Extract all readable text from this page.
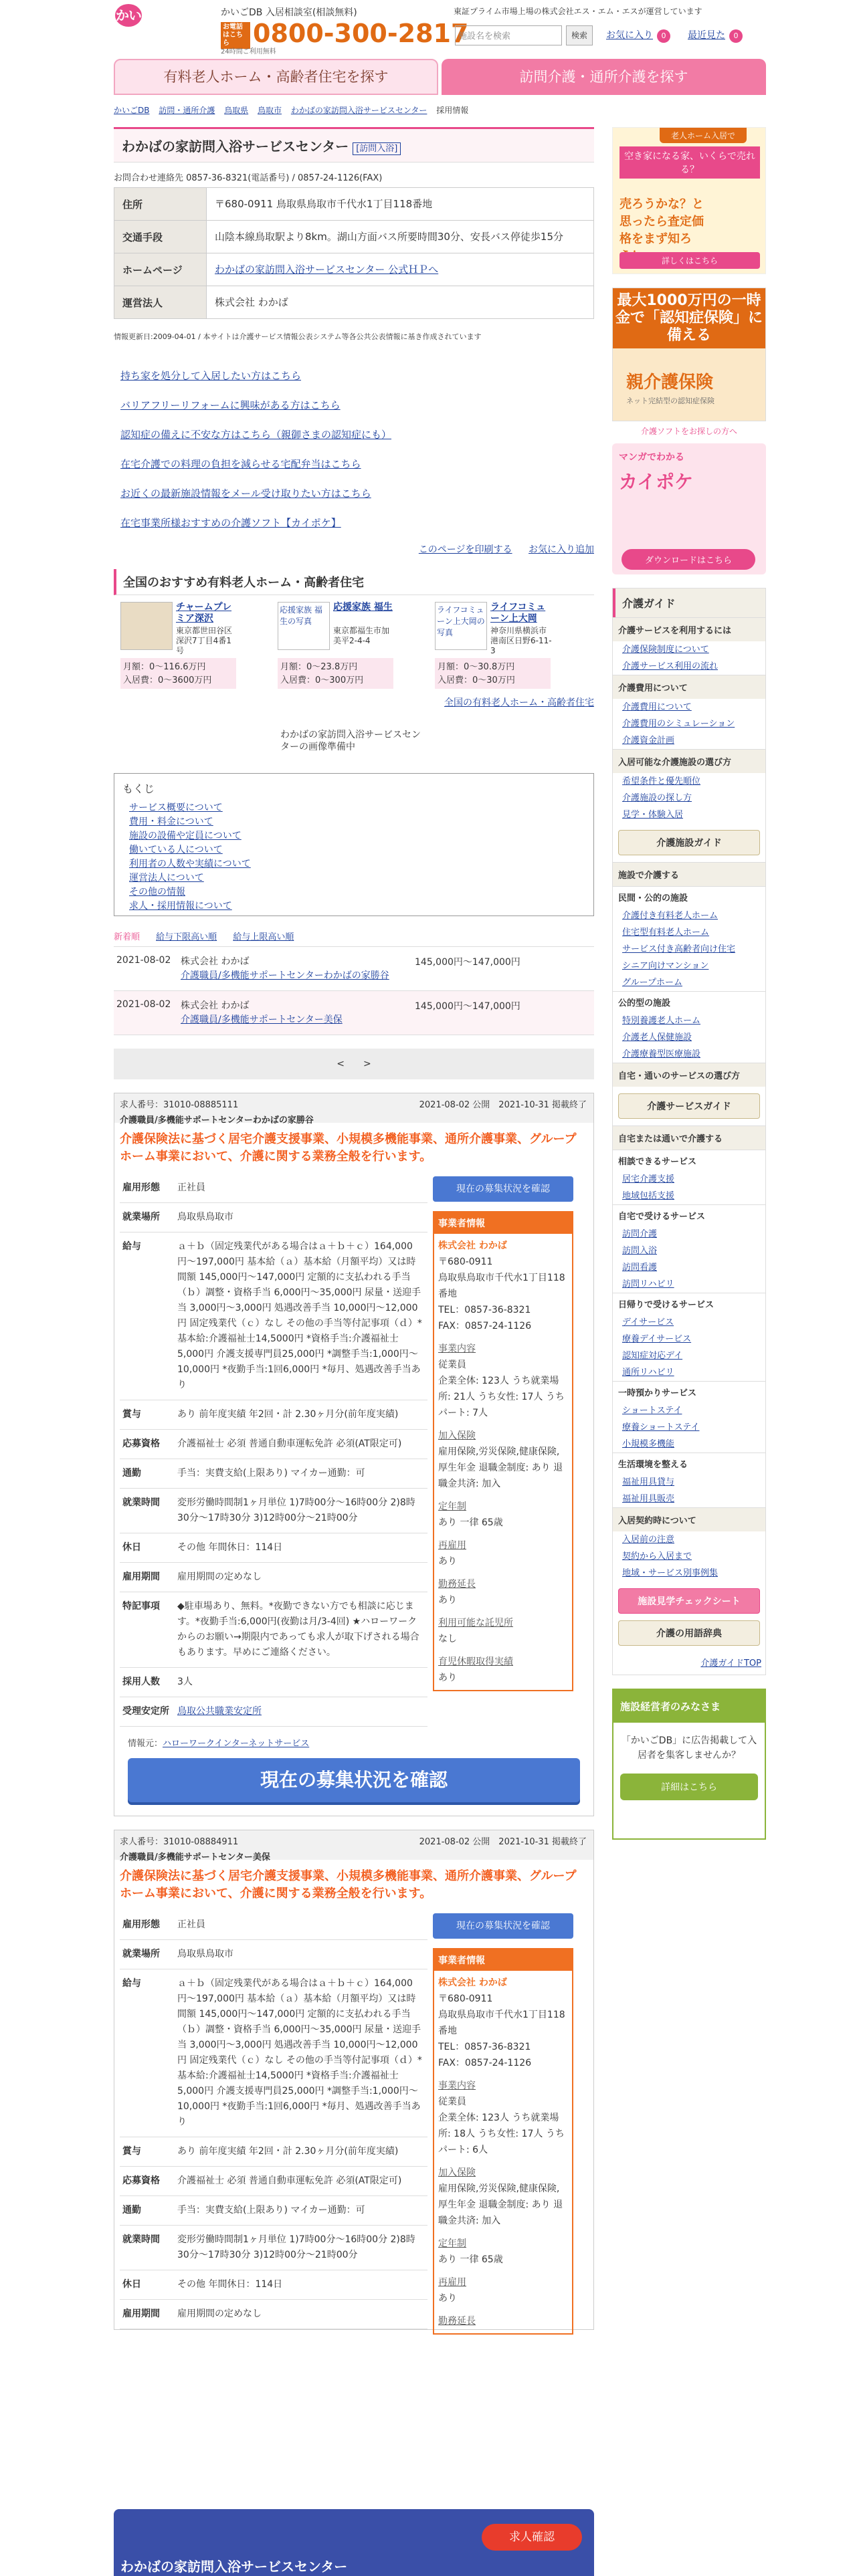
かいご
かいごDB 入居相談室(相談無料)
お電話はこちら 0800-300-2817
24時間ご利用無料
東証プライム市場上場の株式会社エス・エム・エスが運営しています
施設名を検索	検索	お気に入り 0	最近見た 0
有料老人ホーム・高齢者住宅を探す	訪問介護・通所介護を探す
かいごDB 訪問・通所介護 鳥取県 鳥取市 わかばの家訪問入浴サービスセンター 採用情報
わかばの家訪問入浴サービスセンター [訪問入浴]
お問合わせ連絡先 0857-36-8321(電話番号) / 0857-24-1126(FAX)
住所	〒680-0911 鳥取県鳥取市千代水1丁目118番地
交通手段	山陰本線鳥取駅より8km。湖山方面バス所要時間30分、安長バス停徒歩15分
ホームページ	わかばの家訪問入浴サービスセンター 公式ＨＰへ
運営法人	株式会社 わかば
情報更新日:2009-04-01 / 本サイトは介護サービス情報公表システム等各公共公表情報に基き作成されています
持ち家を処分して入居したい方はこちら
バリアフリーリフォームに興味がある方はこちら
認知症の備えに不安な方はこちら（親御さまの認知症にも）
在宅介護での料理の負担を減らせる宅配弁当はこちら
お近くの最新施設情報をメール受け取りたい方はこちら
在宅事業所様おすすめの介護ソフト【カイポケ】
このページを印刷する お気に入り追加
全国のおすすめ有料老人ホーム・高齢者住宅
チャームプレミア深沢
東京都世田谷区深沢7丁目4番1号
月額：0〜116.6万円
入居費：0〜3600万円
応援家族 福生の写真
応援家族 福生
東京都福生市加美平2-4-4
月額：0〜23.8万円
入居費：0〜300万円
ライフコミューン上大岡の写真
ライフコミューン上大岡
神奈川県横浜市港南区日野6-11-3
月額：0〜30.8万円
入居費：0〜30万円
全国の有料老人ホーム・高齢者住宅
わかばの家訪問入浴サービスセンターの画像準備中
もくじ
サービス概要について
費用・料金について
施設の設備や定員について
働いている人について
利用者の人数や実績について
運営法人について
その他の情報
求人・採用情報について
新着順 給与下限高い順 給与上限高い順
2021-08-02	株式会社 わかば
介護職員/多機能サポートセンターわかばの家勝谷
145,000円〜147,000円
2021-08-02	株式会社 わかば
介護職員/多機能サポートセンター美保
145,000円〜147,000円
<　　 >
求人番号：31010-08885111	2021-08-02 公開　2021-10-31 掲載終了
介護職員/多機能サポートセンターわかばの家勝谷
介護保険法に基づく居宅介護支援事業、小規模多機能事業、通所介護事業、グループホーム事業において、介護に関する業務全般を行います。
現在の募集状況を確認
事業者情報
株式会社 わかば
〒680-0911
鳥取県鳥取市千代水1丁目118番地
TEL：0857-36-8321
FAX：0857-24-1126
事業内容
従業員
企業全体: 123人 うち就業場所: 21人 うち女性: 17人 うちパート: 7人
加入保険
雇用保険,労災保険,健康保険,厚生年金 退職金制度: あり 退職金共済: 加入
定年制
あり 一律 65歳
再雇用
あり
勤務延長
あり
利用可能な託児所
なし
育児休暇取得実績
あり
雇用形態	正社員
就業場所	鳥取県鳥取市
給与	ａ＋ｂ（固定残業代がある場合はａ＋ｂ＋ｃ）164,000円〜197,000円 基本給（ａ）基本給（月額平均）又は時間額 145,000円〜147,000円 定額的に支払われる手当（ｂ）調整・資格手当 6,000円〜35,000円 尿量・送迎手当 3,000円〜3,000円 処遇改善手当 10,000円〜12,000円 固定残業代（ｃ）なし その他の手当等付記事項（ｄ）*基本給:介護福祉士14,5000円 *資格手当:介護福祉士5,000円 介護支援専門員25,000円 *調整手当:1,000円〜10,000円 *夜勤手当:1回6,000円 *毎月、処遇改善手当あり
賞与	あり 前年度実績 年2回・計 2.30ヶ月分(前年度実績)
応募資格	介護福祉士 必須 普通自動車運転免許 必須(AT限定可)
通勤	手当：実費支給(上限あり) マイカー通勤：可
就業時間	変形労働時間制1ヶ月単位 1)7時00分〜16時00分 2)8時30分〜17時30分 3)12時00分〜21時00分
休日	その他 年間休日：114日
雇用期間	雇用期間の定めなし
特記事項	◆駐車場あり、無料。*夜勤できない方でも相談に応じます。*夜勤手当:6,000円(夜勤は月/3-4回) ★ハローワークからのお願い→期限内であっても求人が取下げされる場合もあります。早めにご連絡ください。
採用人数	3人
受理安定所	鳥取公共職業安定所
情報元：ハローワークインターネットサービス
現在の募集状況を確認
求人番号：31010-08884911	2021-08-02 公開　2021-10-31 掲載終了
介護職員/多機能サポートセンター美保
介護保険法に基づく居宅介護支援事業、小規模多機能事業、通所介護事業、グループホーム事業において、介護に関する業務全般を行います。
現在の募集状況を確認
事業者情報
株式会社 わかば
〒680-0911
鳥取県鳥取市千代水1丁目118番地
TEL：0857-36-8321
FAX：0857-24-1126
事業内容
従業員
企業全体: 123人 うち就業場所: 18人 うち女性: 17人 うちパート: 6人
加入保険
雇用保険,労災保険,健康保険,厚生年金 退職金制度: あり 退職金共済: 加入
定年制
あり 一律 65歳
再雇用
あり
勤務延長
雇用形態	正社員
就業場所	鳥取県鳥取市
給与	ａ＋ｂ（固定残業代がある場合はａ＋ｂ＋ｃ）164,000円〜197,000円 基本給（ａ）基本給（月額平均）又は時間額 145,000円〜147,000円 定額的に支払われる手当（ｂ）調整・資格手当 6,000円〜35,000円 尿量・送迎手当 3,000円〜3,000円 処遇改善手当 10,000円〜12,000円 固定残業代（ｃ）なし その他の手当等付記事項（ｄ）*基本給:介護福祉士14,5000円 *資格手当:介護福祉士5,000円 介護支援専門員25,000円 *調整手当:1,000円〜10,000円 *夜勤手当:1回6,000円 *毎月、処遇改善手当あり
賞与	あり 前年度実績 年2回・計 2.30ヶ月分(前年度実績)
応募資格	介護福祉士 必須 普通自動車運転免許 必須(AT限定可)
通勤	手当：実費支給(上限あり) マイカー通勤：可
就業時間	変形労働時間制1ヶ月単位 1)7時00分〜16時00分 2)8時30分〜17時30分 3)12時00分〜21時00分
休日	その他 年間休日：114日
雇用期間	雇用期間の定めなし
老人ホーム入居で
空き家になる家、いくらで売れる？
売ろうかな？と思ったら査定価格をまず知ろ
詳しくはこちら
最大1000万円の一時金で「認知症保険」に備える
親介護保険
ネット完結型の認知症保険
介護ソフトをお探しの方へ
マンガでわかる
カイポケ
ダウンロードはこちら
介護ガイド
介護サービスを利用するには
介護保険制度について
介護サービス利用の流れ
介護費用について
介護費用について
介護費用のシミュレーション
介護資金計画
入居可能な介護施設の選び方
希望条件と優先順位
介護施設の探し方
見学・体験入居
介護施設ガイド
施設で介護する
民間・公的の施設
介護付き有料老人ホーム
住宅型有料老人ホーム
サービス付き高齢者向け住宅
シニア向けマンション
グループホーム
公的型の施設
特別養護老人ホーム
介護老人保健施設
介護療養型医療施設
自宅・通いのサービスの選び方
介護サービスガイド
自宅または通いで介護する
相談できるサービス
居宅介護支援
地域包括支援
自宅で受けるサービス
訪問介護
訪問入浴
訪問看護
訪問リハビリ
日帰りで受けるサービス
デイサービス
療養デイサービス
認知症対応デイ
通所リハビリ
一時預かりサービス
ショートステイ
療養ショートステイ
小規模多機能
生活環境を整える
福祉用具貸与
福祉用具販売
入居契約時について
入居前の注意
契約から入居まで
地域・サービス別事例集
施設見学チェックシート
介護の用語辞典
介護ガイドTOP
施設経営者のみなさま
「かいごDB」に広告掲載して入居者を集客しませんか？
詳細はこちら
求人確認
わかばの家訪問入浴サービスセンター
